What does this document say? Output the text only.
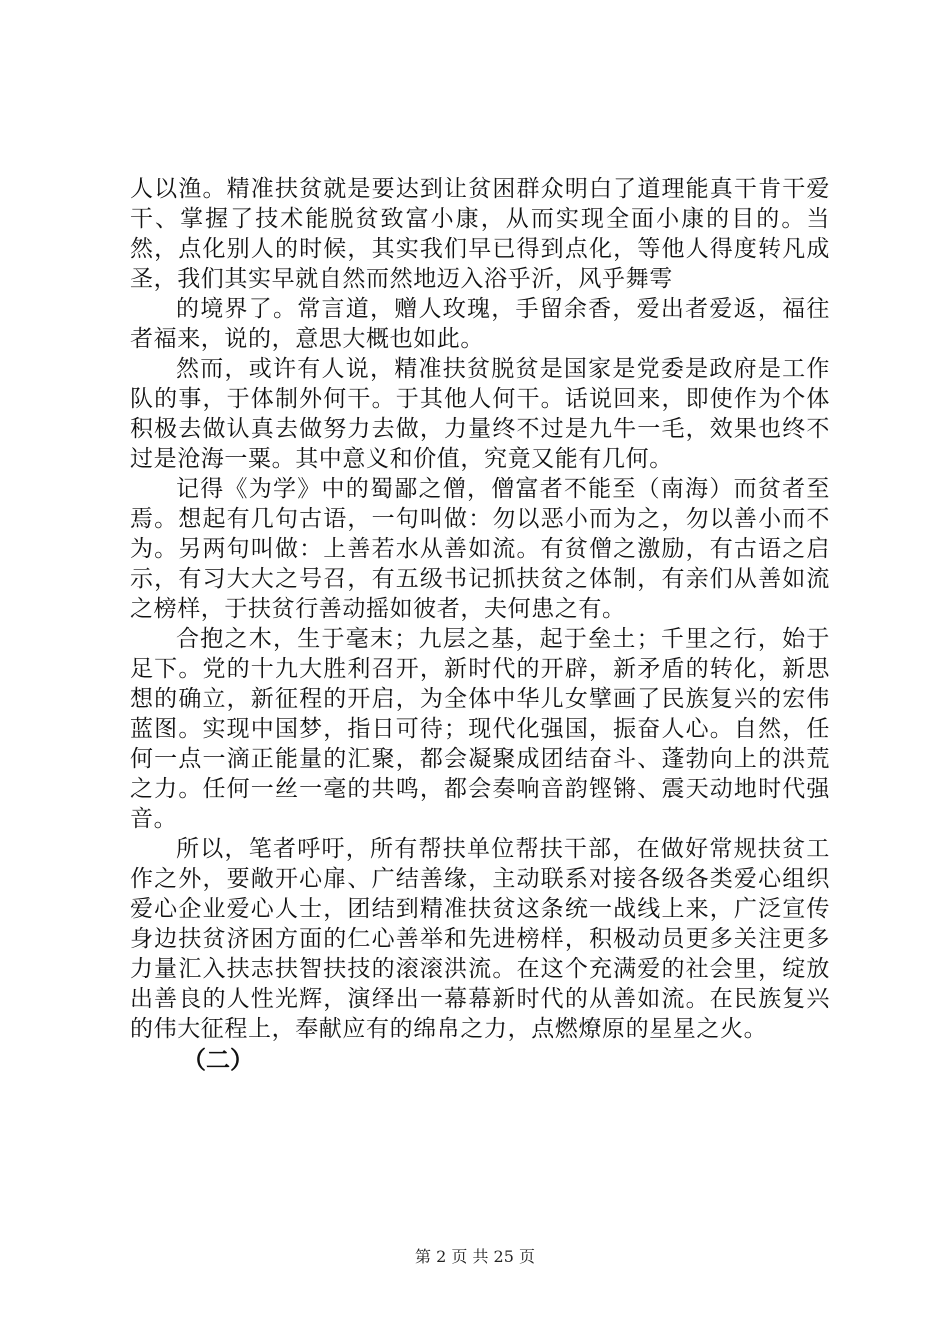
人以渔。精准扶贫就是要达到让贫困群众明白了道理能真干肯干爱干、掌握了技术能脱贫致富小康，从而实现全面小康的目的。当然，点化别人的时候，其实我们早已得到点化，等他人得度转凡成圣，我们其实早就自然而然地迈入浴乎沂，风乎舞雩

的境界了。常言道，赠人玫瑰，手留余香，爱出者爱返，福往者福来，说的，意思大概也如此。

然而，或许有人说，精准扶贫脱贫是国家是党委是政府是工作队的事，于体制外何干。于其他人何干。话说回来，即使作为个体积极去做认真去做努力去做，力量终不过是九牛一毛，效果也终不过是沧海一粟。其中意义和价值，究竟又能有几何。

记得《为学》中的蜀鄙之僧，僧富者不能至（南海）而贫者至焉。想起有几句古语，一句叫做：勿以恶小而为之，勿以善小而不为。另两句叫做：上善若水从善如流。有贫僧之激励，有古语之启示，有习大大之号召，有五级书记抓扶贫之体制，有亲们从善如流之榜样，于扶贫行善动摇如彼者，夫何患之有。

合抱之木，生于毫末；九层之基，起于垒土；千里之行，始于足下。党的十九大胜利召开，新时代的开辟，新矛盾的转化，新思想的确立，新征程的开启，为全体中华儿女擘画了民族复兴的宏伟蓝图。实现中国梦，指日可待；现代化强国，振奋人心。自然，任何一点一滴正能量的汇聚，都会凝聚成团结奋斗、蓬勃向上的洪荒之力。任何一丝一毫的共鸣，都会奏响音韵铿锵、震天动地时代强音。

所以，笔者呼吁，所有帮扶单位帮扶干部，在做好常规扶贫工作之外，要敞开心扉、广结善缘，主动联系对接各级各类爱心组织爱心企业爱心人士，团结到精准扶贫这条统一战线上来，广泛宣传身边扶贫济困方面的仁心善举和先进榜样，积极动员更多关注更多力量汇入扶志扶智扶技的滚滚洪流。在这个充满爱的社会里，绽放出善良的人性光辉，演绎出一幕幕新时代的从善如流。在民族复兴的伟大征程上，奉献应有的绵帛之力，点燃燎原的星星之火。

（二）

第 2 页 共 25 页
